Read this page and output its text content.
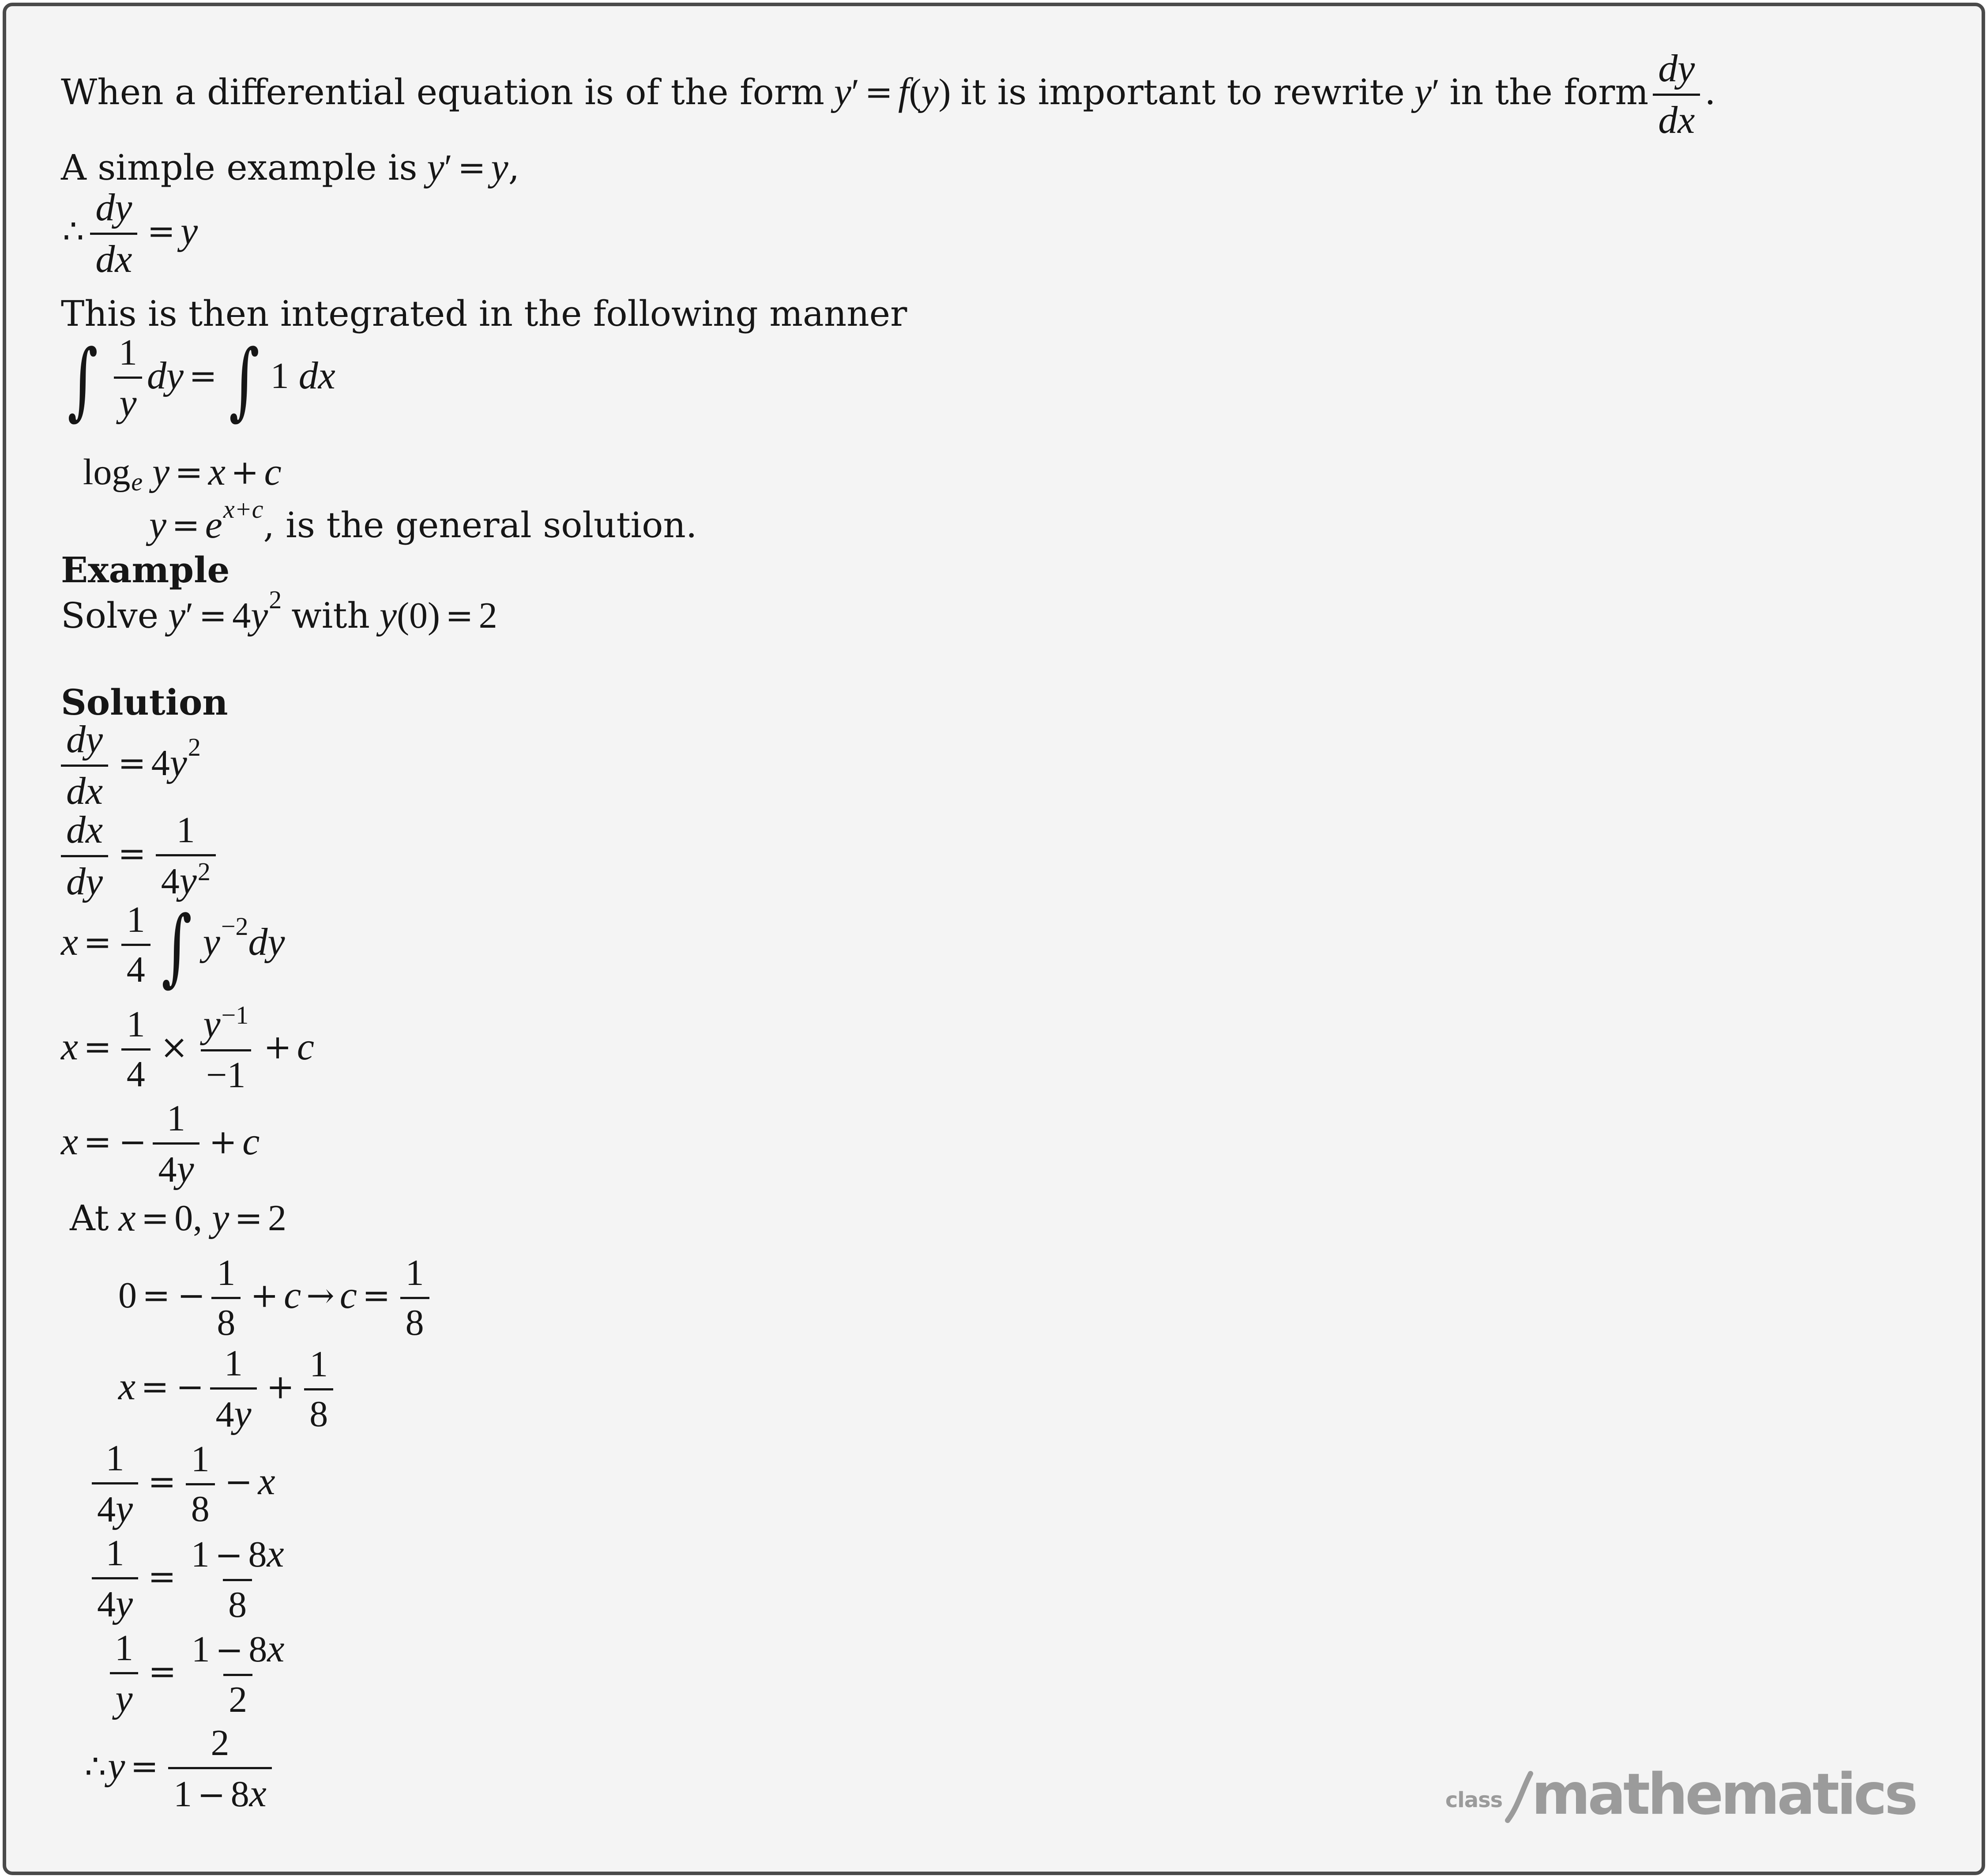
When a differential equation is of the form y ′ = f ( y ) it is important to rewrite y ′ in the form $\frac{dy}{dx}$ .
A simple example is y ′ = y ,
∴ $\frac{dy}{dx} = y$
This is then integrated in the following manner
∫ $\frac{1}{y}$ dy = ∫ 1 dx
log e y = x + c
y = e x+c , is the general solution.
Example
Solve y ′ = 4 y 2 with y (0) = 2
Solution
$\frac{dy}{dx} = 4$ y 2
$\frac{dx}{dy} = \frac{1}{4y^2}$
$x = \frac{1}{4}$ ∫ y −2 dy
$x = \frac{1}{4} \times \frac{y^{-1}}{-1} + c$
x = − $\frac{1}{4y} + c$
At x = 0 , y = 2
0 = − $\frac{1}{8} + c \to c = \frac{1}{8}$
x = − $\frac{1}{4y} + \frac{1}{8}$
$\frac{1}{4y} = \frac{1}{8} - x$
$\frac{1}{4y} = \frac{1 - 8x}{8}$
$\frac{1}{y} = \frac{1 - 8x}{2}$
∴ $y = \frac{2}{1 - 8x}$	class mathematics
